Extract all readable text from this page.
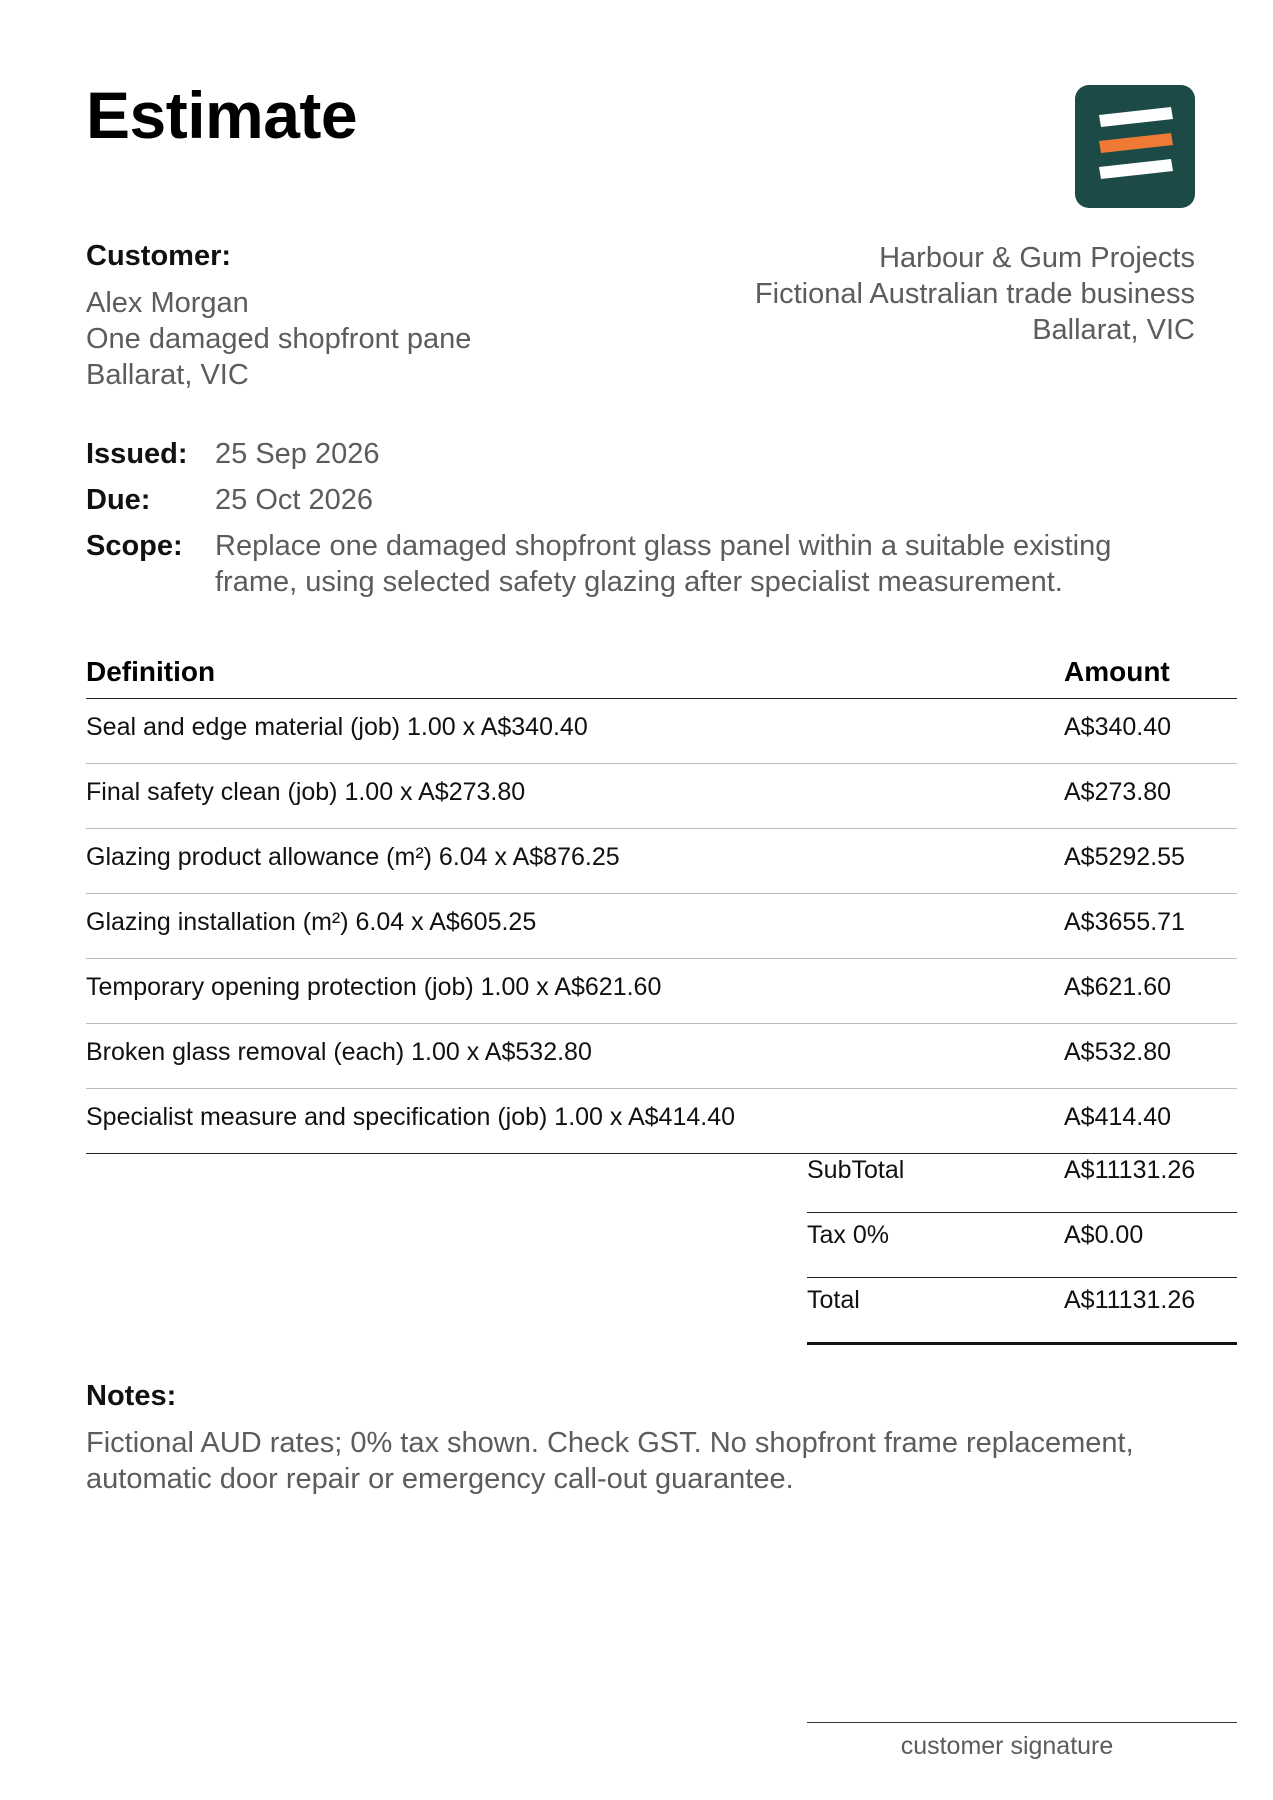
Estimate
Customer:
Alex Morgan
One damaged shopfront pane
Ballarat, VIC
Harbour & Gum Projects
Fictional Australian trade business
Ballarat, VIC
Issued: 25 Sep 2026
Due: 25 Oct 2026
Scope: Replace one damaged shopfront glass panel within a suitable existing
frame, using selected safety glazing after specialist measurement.
Definition	Amount
Seal and edge material (job) 1.00 x A$340.40	A$340.40
Final safety clean (job) 1.00 x A$273.80	A$273.80
Glazing product allowance (m²) 6.04 x A$876.25	A$5292.55
Glazing installation (m²) 6.04 x A$605.25	A$3655.71
Temporary opening protection (job) 1.00 x A$621.60	A$621.60
Broken glass removal (each) 1.00 x A$532.80	A$532.80
Specialist measure and specification (job) 1.00 x A$414.40	A$414.40
SubTotal	A$11131.26
Tax 0%	A$0.00
Total	A$11131.26
Notes:
Fictional AUD rates; 0% tax shown. Check GST. No shopfront frame replacement,
automatic door repair or emergency call-out guarantee.
customer signature
